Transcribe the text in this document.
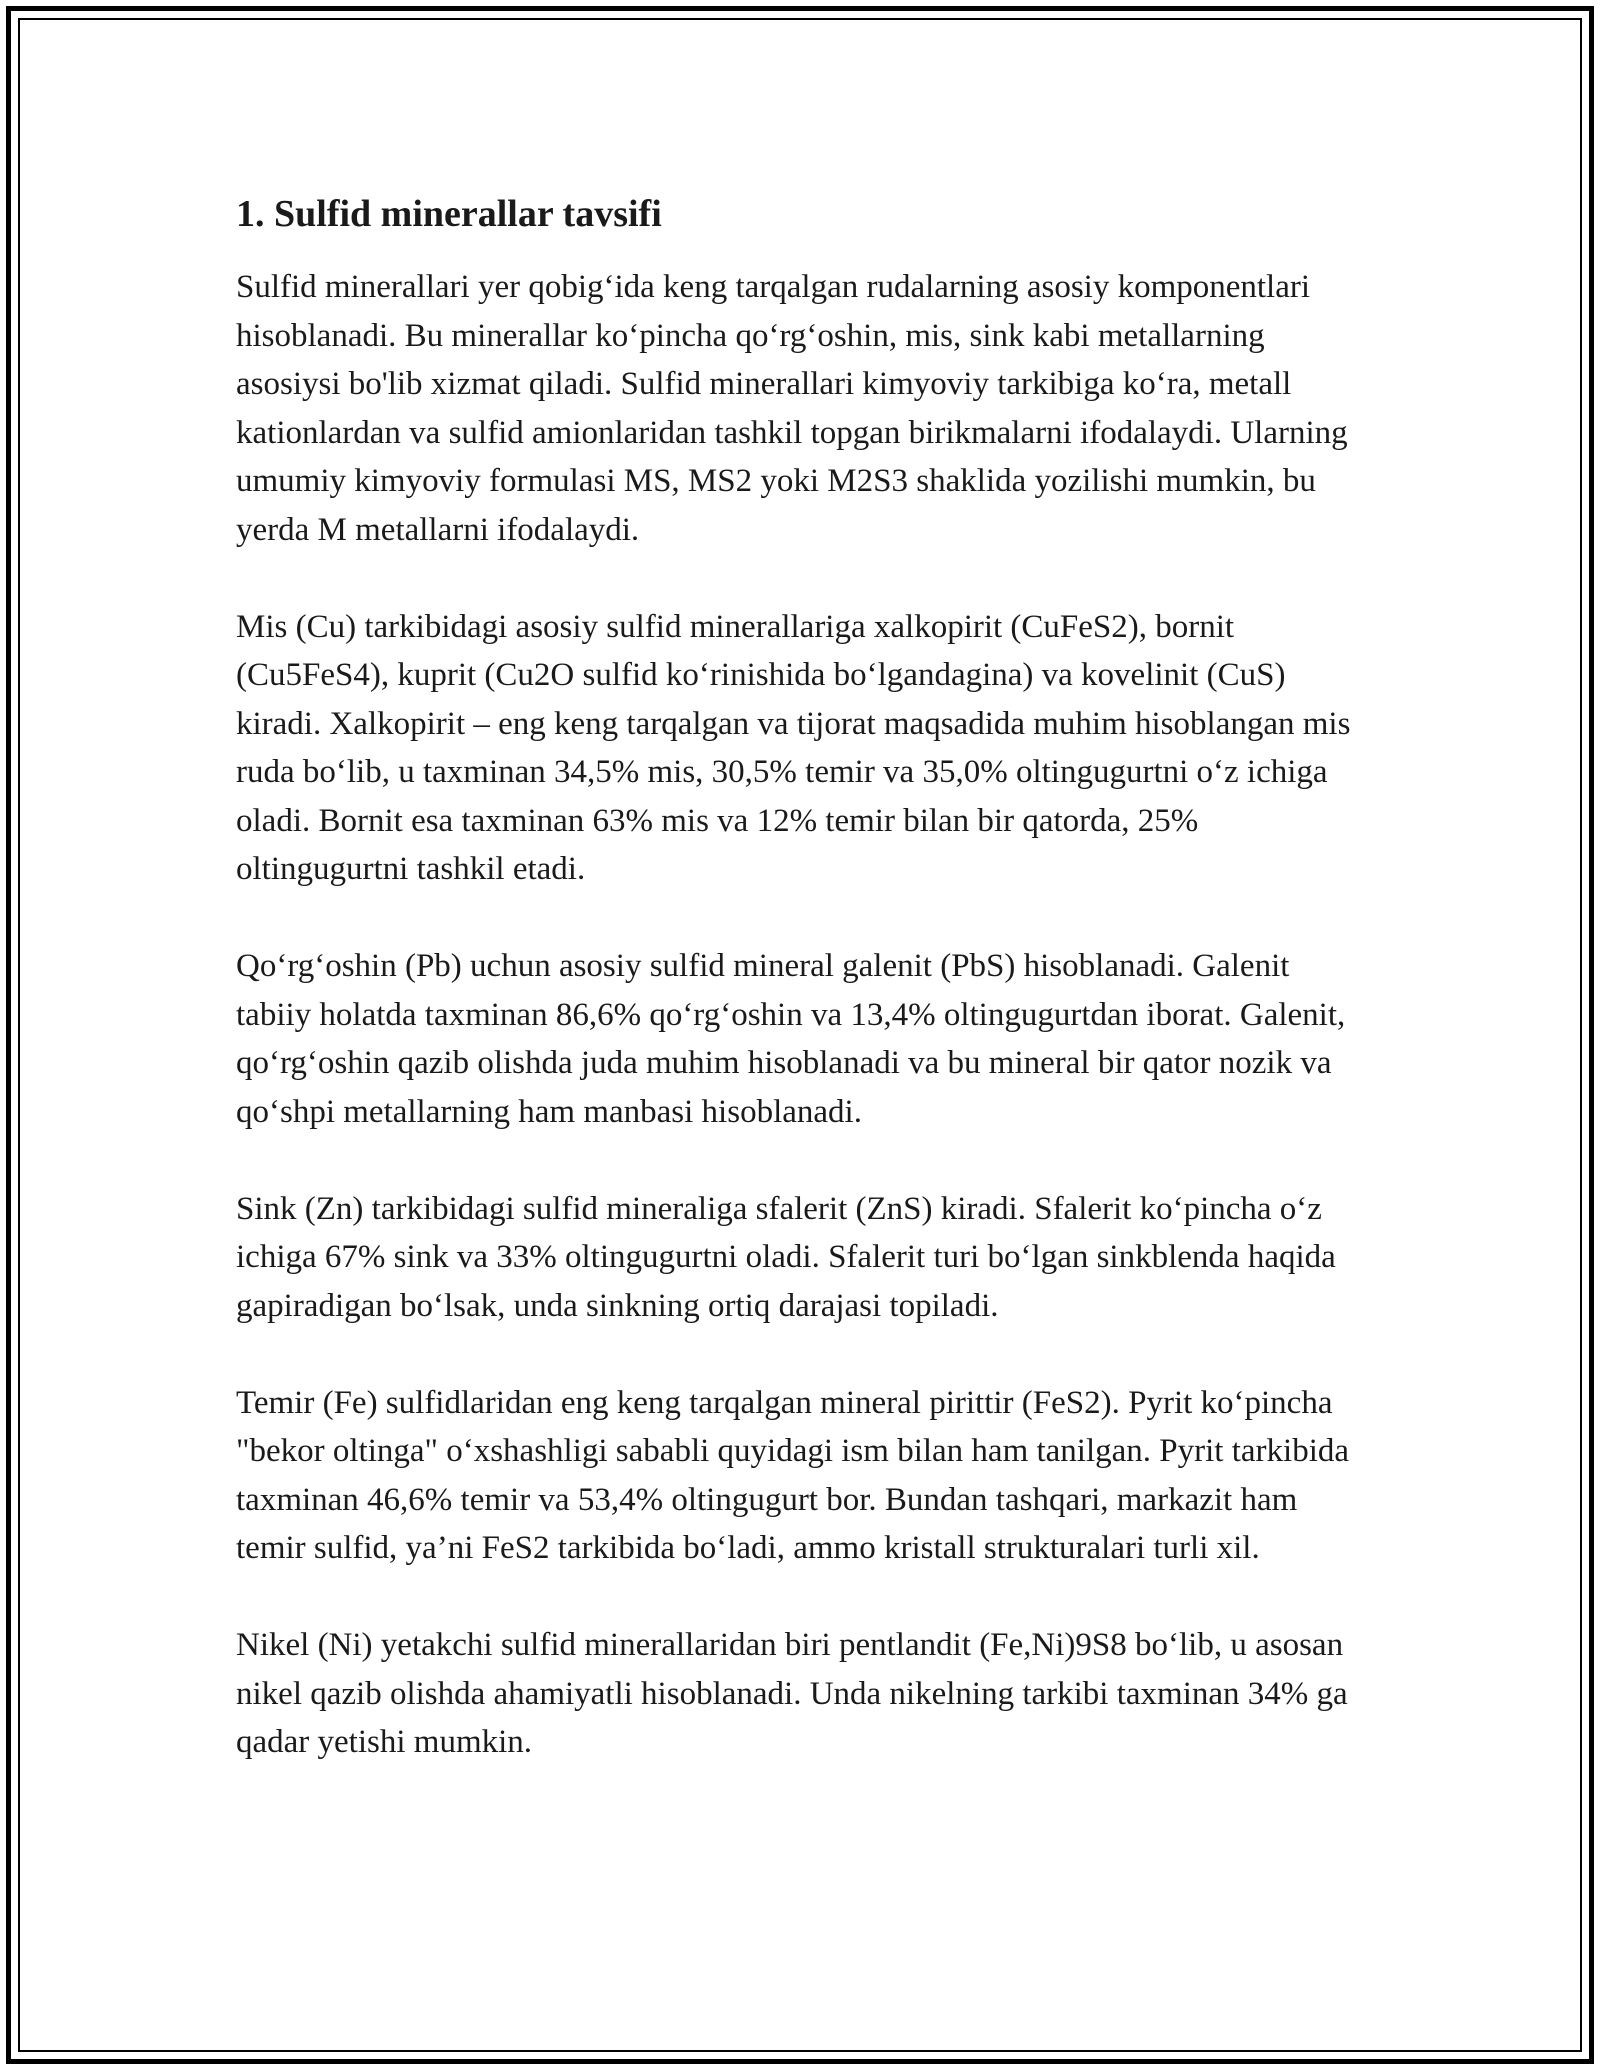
1. Sulfid minerallar tavsifi

Sulfid minerallari yer qobig‘ida keng tarqalgan rudalarning asosiy komponentlari hisoblanadi. Bu minerallar ko‘pincha qo‘rg‘oshin, mis, sink kabi metallarning asosiysi bo'lib xizmat qiladi. Sulfid minerallari kimyoviy tarkibiga ko‘ra, metall kationlardan va sulfid amionlaridan tashkil topgan birikmalarni ifodalaydi. Ularning umumiy kimyoviy formulasi MS, MS2 yoki M2S3 shaklida yozilishi mumkin, bu yerda M metallarni ifodalaydi.

Mis (Cu) tarkibidagi asosiy sulfid minerallariga xalkopirit (CuFeS2), bornit (Cu5FeS4), kuprit (Cu2O sulfid ko‘rinishida bo‘lgandagina) va kovelinit (CuS) kiradi. Xalkopirit – eng keng tarqalgan va tijorat maqsadida muhim hisoblangan mis ruda bo‘lib, u taxminan 34,5% mis, 30,5% temir va 35,0% oltingugurtni o‘z ichiga oladi. Bornit esa taxminan 63% mis va 12% temir bilan bir qatorda, 25% oltingugurtni tashkil etadi.

Qo‘rg‘oshin (Pb) uchun asosiy sulfid mineral galenit (PbS) hisoblanadi. Galenit tabiiy holatda taxminan 86,6% qo‘rg‘oshin va 13,4% oltingugurtdan iborat. Galenit, qo‘rg‘oshin qazib olishda juda muhim hisoblanadi va bu mineral bir qator nozik va qo‘shpi metallarning ham manbasi hisoblanadi.

Sink (Zn) tarkibidagi sulfid mineraliga sfalerit (ZnS) kiradi. Sfalerit ko‘pincha o‘z ichiga 67% sink va 33% oltingugurtni oladi. Sfalerit turi bo‘lgan sinkblenda haqida gapiradigan bo‘lsak, unda sinkning ortiq darajasi topiladi.

Temir (Fe) sulfidlaridan eng keng tarqalgan mineral pirittir (FeS2). Pyrit ko‘pincha "bekor oltinga" o‘xshashligi sababli quyidagi ism bilan ham tanilgan. Pyrit tarkibida taxminan 46,6% temir va 53,4% oltingugurt bor. Bundan tashqari, markazit ham temir sulfid, ya’ni FeS2 tarkibida bo‘ladi, ammo kristall strukturalari turli xil.

Nikel (Ni) yetakchi sulfid minerallaridan biri pentlandit (Fe,Ni)9S8 bo‘lib, u asosan nikel qazib olishda ahamiyatli hisoblanadi. Unda nikelning tarkibi taxminan 34% ga qadar yetishi mumkin.
